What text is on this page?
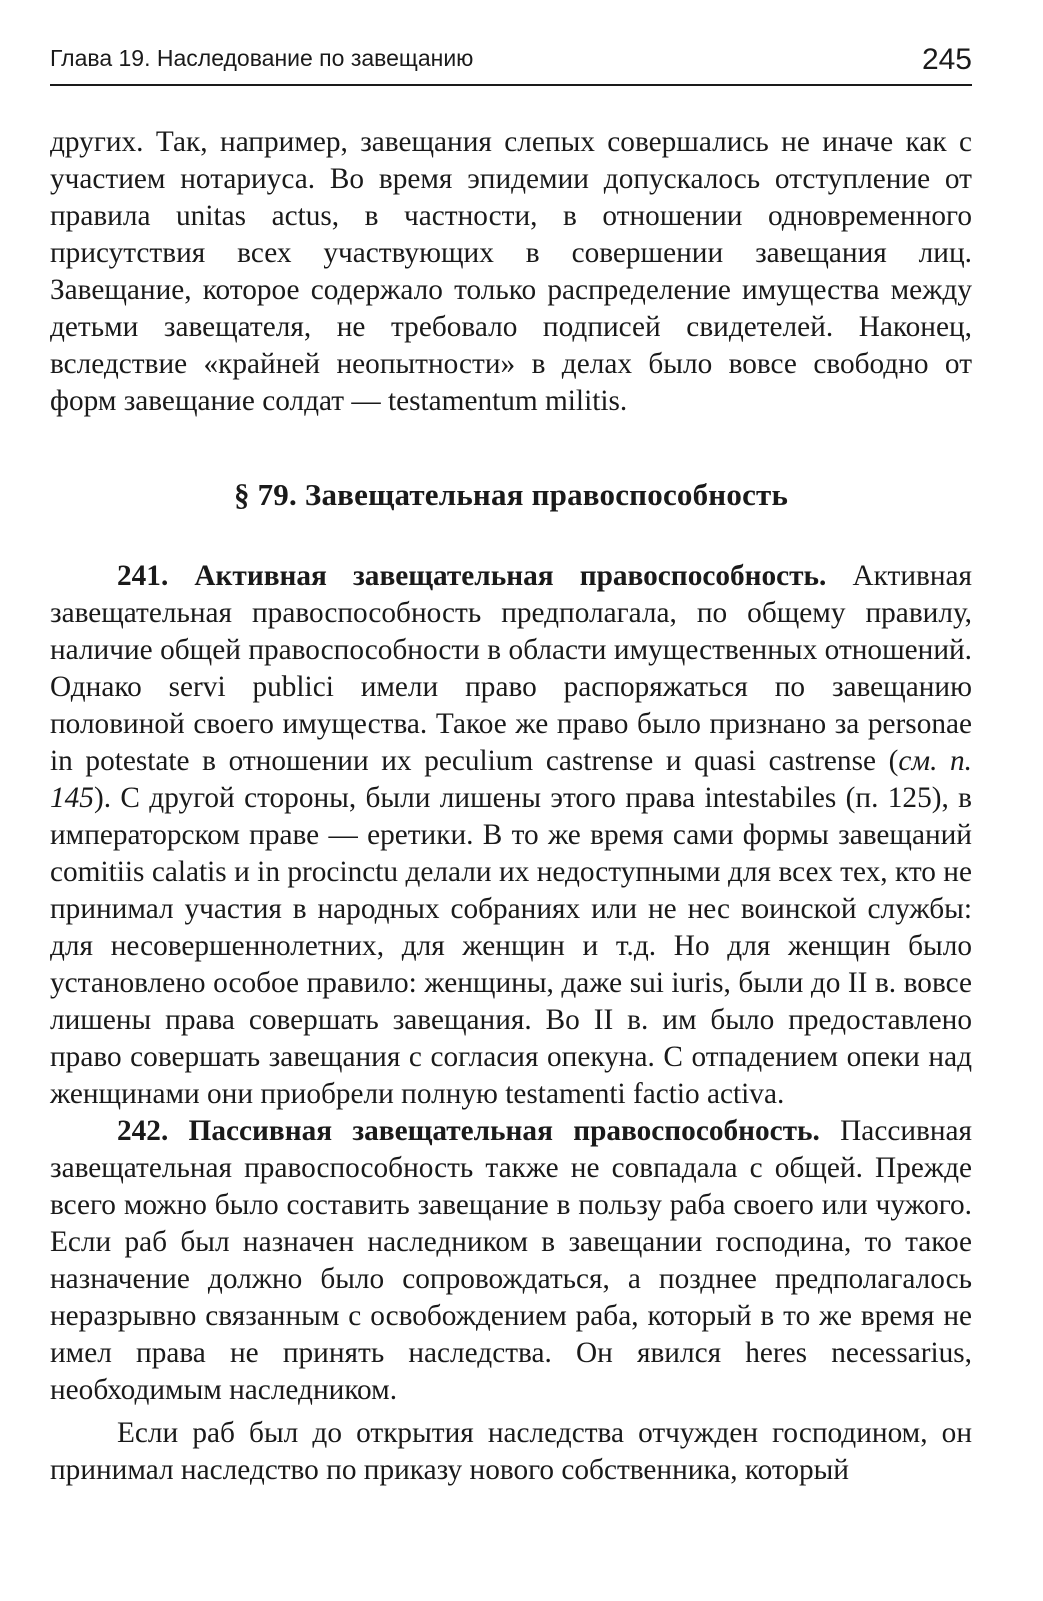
Глава 19. Наследование по завещанию	245

других. Так, например, завещания слепых совершались не иначе как с участием нотариуса. Во время эпидемии допускалось отступление от правила unitas actus, в частности, в отношении одновременного присутствия всех участвующих в совершении завещания лиц. Завещание, которое содержало только распределение имущества между детьми завещателя, не требовало подписей свидетелей. Наконец, вследствие «крайней неопытности» в делах было вовсе свободно от форм завещание солдат — testamentum militis.

§ 79. Завещательная правоспособность

241. Активная завещательная правоспособность. Активная завещательная правоспособность предполагала, по общему правилу, наличие общей правоспособности в области имущественных отношений. Однако servi publici имели право распоряжаться по завещанию половиной своего имущества. Такое же право было признано за personae in potestate в отношении их peculium castrense и quasi castrense (см. п. 145). С другой стороны, были лишены этого права intestabiles (п. 125), в императорском праве — еретики. В то же время сами формы завещаний comitiis calatis и in procinctu делали их недоступными для всех тех, кто не принимал участия в народных собраниях или не нес воинской службы: для несовершеннолетних, для женщин и т.д. Но для женщин было установлено особое правило: женщины, даже sui iuris, были до II в. вовсе лишены права совершать завещания. Во II в. им было предоставлено право совершать завещания с согласия опекуна. С отпадением опеки над женщинами они приобрели полную testamenti factio activa.

242. Пассивная завещательная правоспособность. Пассивная завещательная правоспособность также не совпадала с общей. Прежде всего можно было составить завещание в пользу раба своего или чужого. Если раб был назначен наследником в завещании господина, то такое назначение должно было сопровождаться, а позднее предполагалось неразрывно связанным с освобождением раба, который в то же время не имел права не принять наследства. Он явился heres necessarius, необходимым наследником.

Если раб был до открытия наследства отчужден господином, он принимал наследство по приказу нового собственника, который
